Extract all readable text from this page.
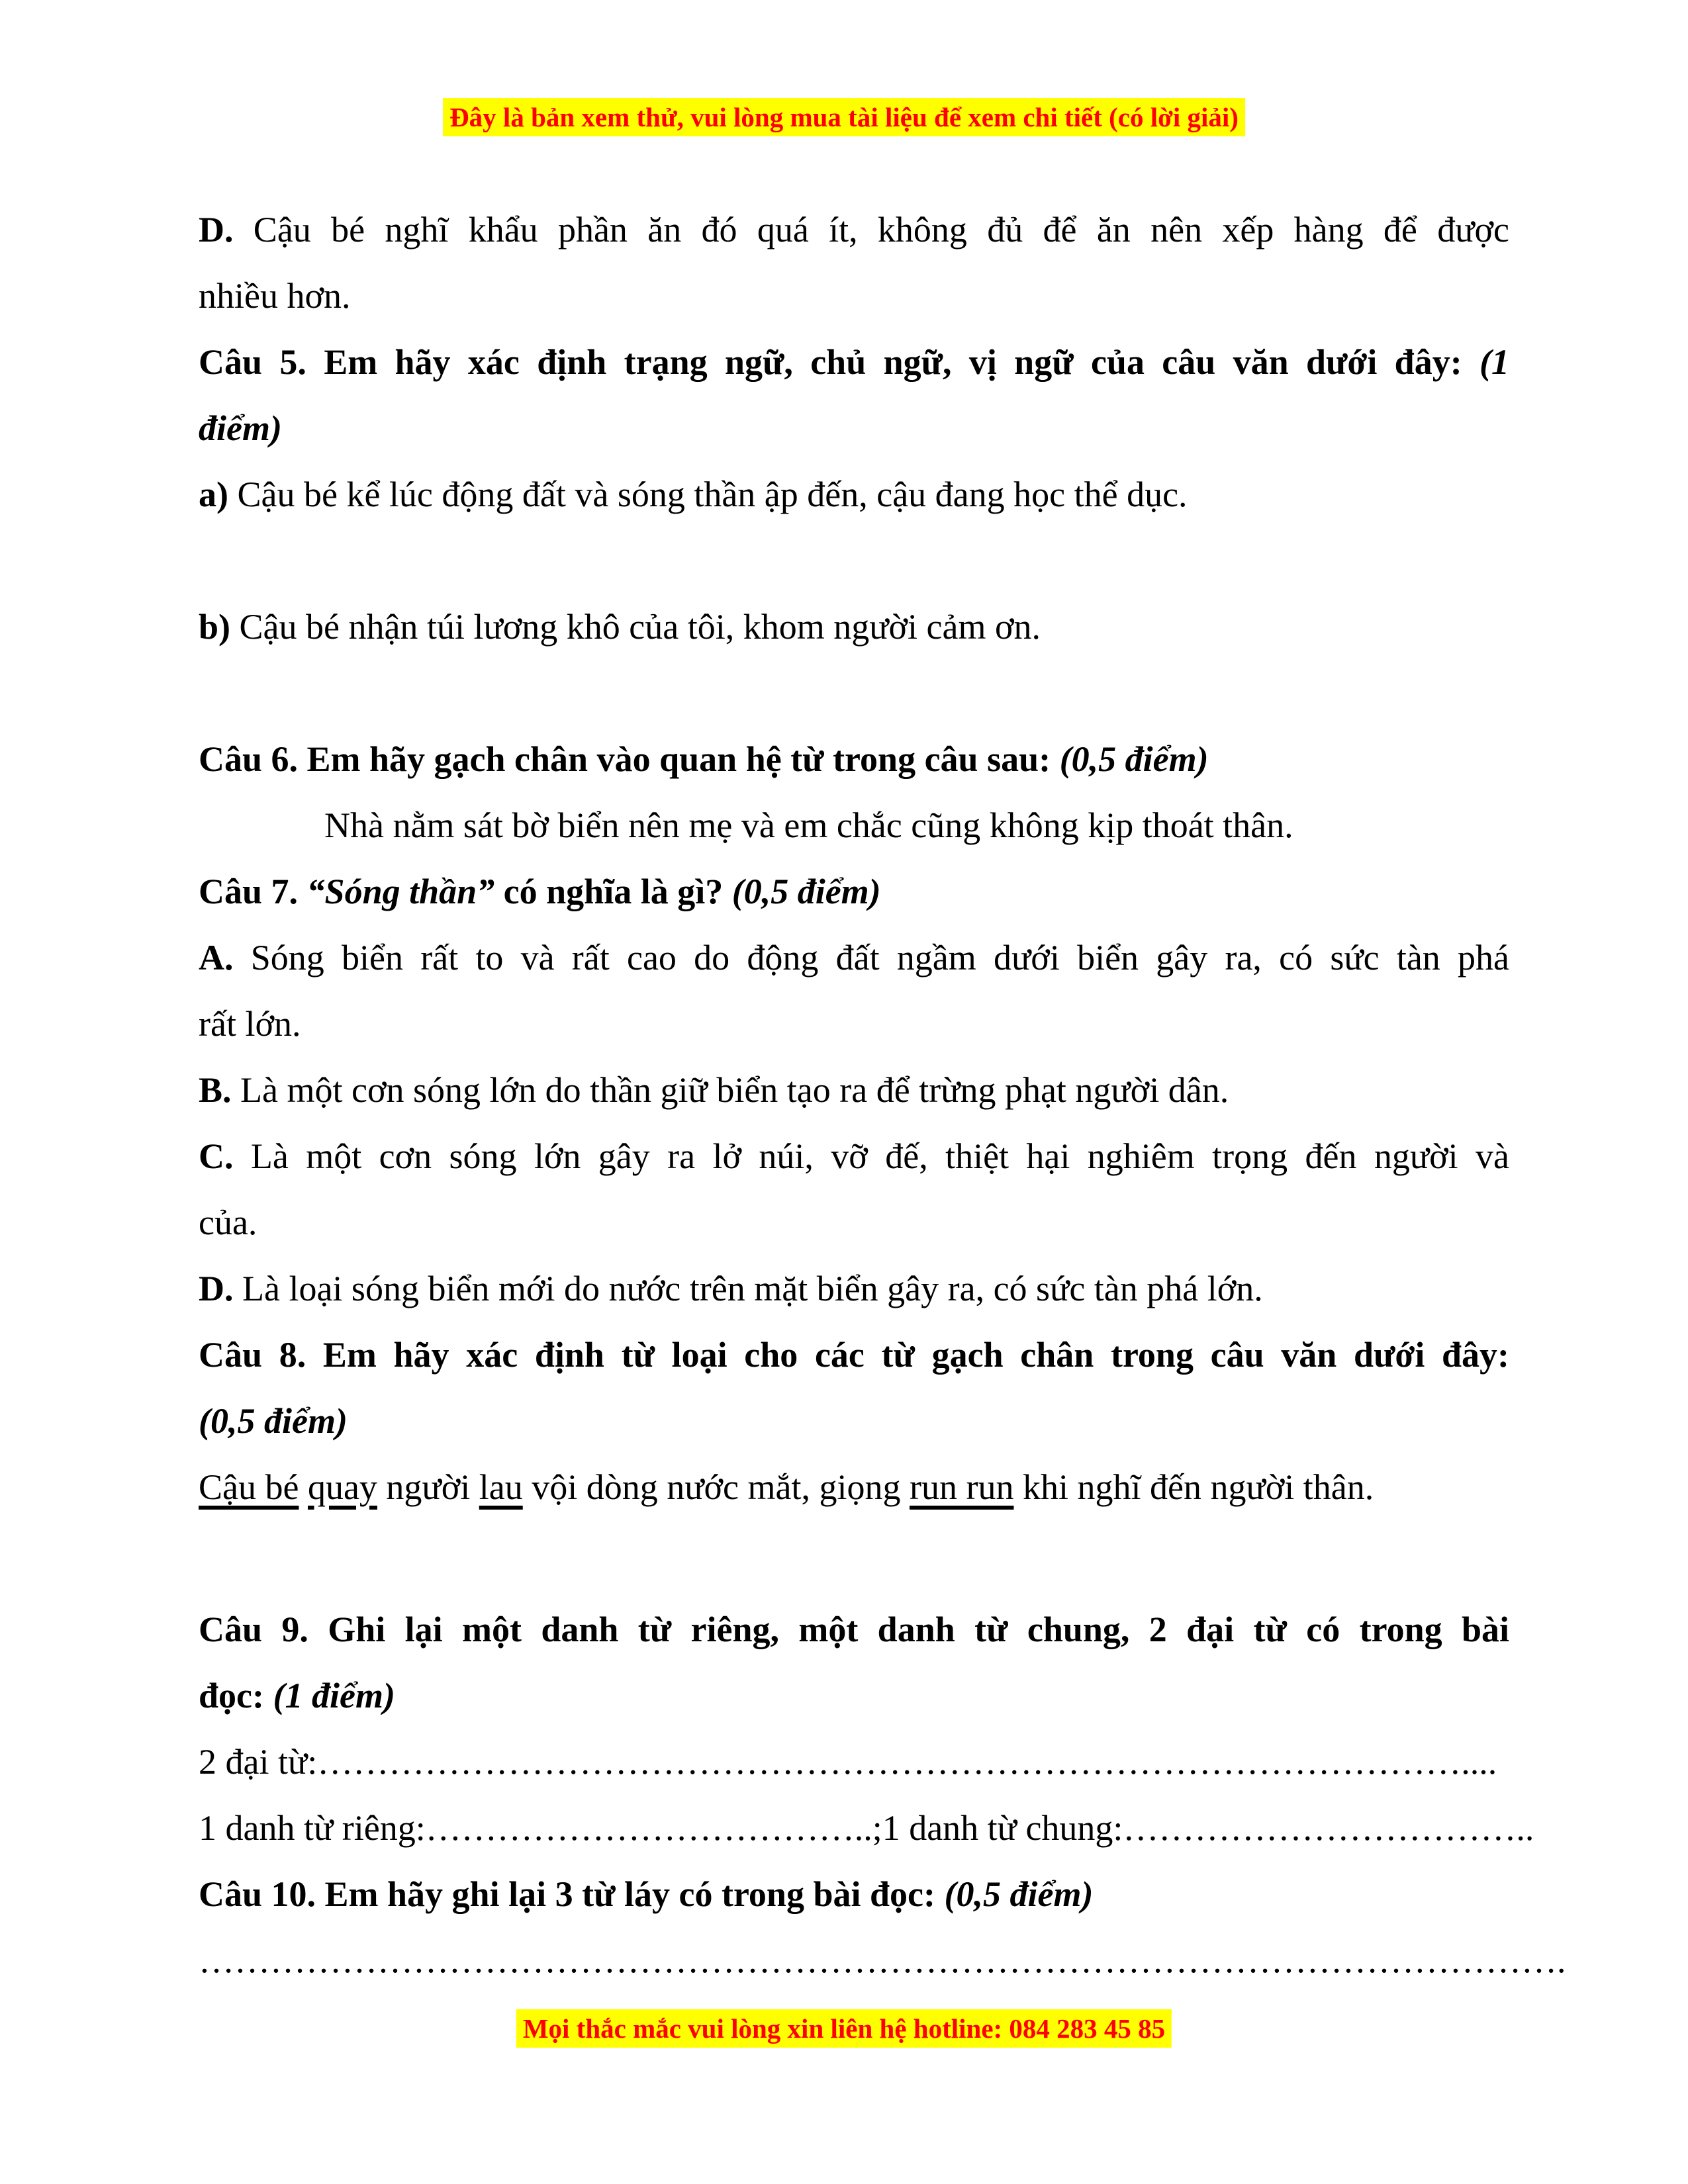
Đây là bản xem thử, vui lòng mua tài liệu để xem chi tiết (có lời giải)
D. Cậu bé nghĩ khẩu phần ăn đó quá ít, không đủ để ăn nên xếp hàng để được
nhiều hơn.
Câu 5. Em hãy xác định trạng ngữ, chủ ngữ, vị ngữ của câu văn dưới đây: (1
điểm)
a) Cậu bé kể lúc động đất và sóng thần ập đến, cậu đang học thể dục.
b) Cậu bé nhận túi lương khô của tôi, khom người cảm ơn.
Câu 6. Em hãy gạch chân vào quan hệ từ trong câu sau: (0,5 điểm)
Nhà nằm sát bờ biển nên mẹ và em chắc cũng không kịp thoát thân.
Câu 7. “Sóng thần” có nghĩa là gì? (0,5 điểm)
A. Sóng biển rất to và rất cao do động đất ngầm dưới biển gây ra, có sức tàn phá
rất lớn.
B. Là một cơn sóng lớn do thần giữ biển tạo ra để trừng phạt người dân.
C. Là một cơn sóng lớn gây ra lở núi, vỡ đế, thiệt hại nghiêm trọng đến người và
của.
D. Là loại sóng biển mới do nước trên mặt biển gây ra, có sức tàn phá lớn.
Câu 8. Em hãy xác định từ loại cho các từ gạch chân trong câu văn dưới đây:
(0,5 điểm)
Cậu bé quay người lau vội dòng nước mắt, giọng run run khi nghĩ đến người thân.
Câu 9. Ghi lại một danh từ riêng, một danh từ chung, 2 đại từ có trong bài
đọc: (1 điểm)
2 đại từ:……………………………………………………………………………………....
1 danh từ riêng:………………………………..;1 danh từ chung:……………………………..
Câu 10. Em hãy ghi lại 3 từ láy có trong bài đọc: (0,5 điểm)
…………………………………………………………………………………………………….
Mọi thắc mắc vui lòng xin liên hệ hotline: 084 283 45 85
